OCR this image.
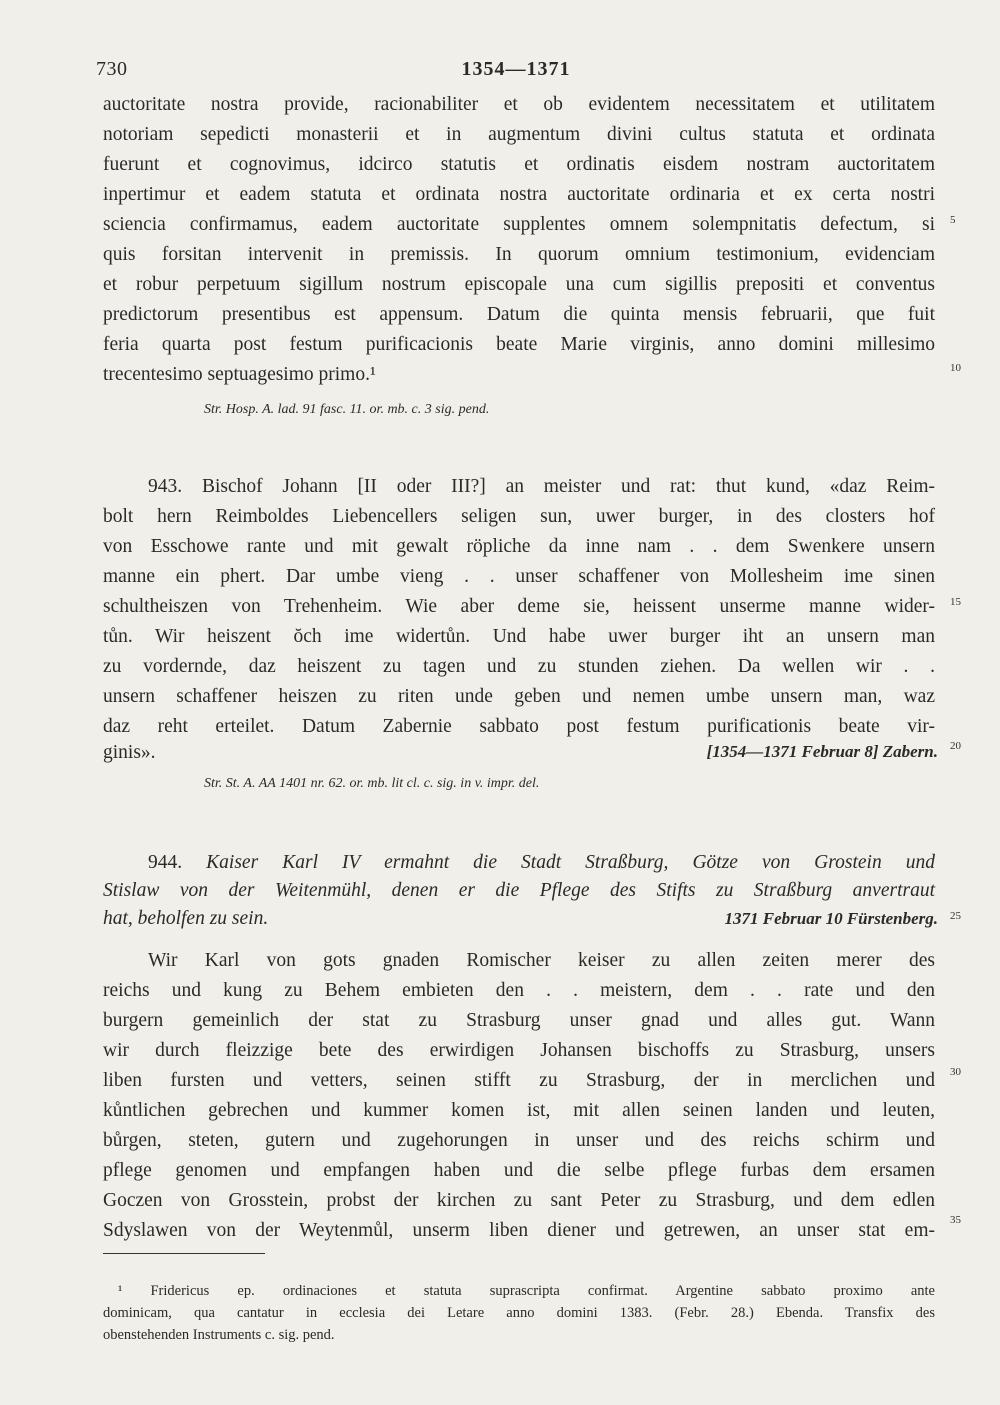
730	1354—1371
auctoritate nostra provide, racionabiliter et ob evidentem necessitatem et utilitatem
notoriam sepedicti monasterii et in augmentum divini cultus statuta et ordinata
fuerunt et cognovimus, idcirco statutis et ordinatis eisdem nostram auctoritatem
inpertimur et eadem statuta et ordinata nostra auctoritate ordinaria et ex certa nostri
sciencia confirmamus, eadem auctoritate supplentes omnem solempnitatis defectum, si
quis forsitan intervenit in premissis. In quorum omnium testimonium, evidenciam
et robur perpetuum sigillum nostrum episcopale una cum sigillis prepositi et conventus
predictorum presentibus est appensum. Datum die quinta mensis februarii, que fuit
feria quarta post festum purificacionis beate Marie virginis, anno domini millesimo
trecentesimo septuagesimo primo.¹
Str. Hosp. A. lad. 91 fasc. 11. or. mb. c. 3 sig. pend.
943. Bischof Johann [II oder III?] an meister und rat: thut kund, «daz Reim-
bolt hern Reimboldes Liebencellers seligen sun, uwer burger, in des closters hof
von Esschowe rante und mit gewalt röpliche da inne nam . . dem Swenkere unsern
manne ein phert. Dar umbe vieng . . unser schaffener von Mollesheim ime sinen
schultheiszen von Trehenheim. Wie aber deme sie, heissent unserme manne wider-
tůn. Wir heiszent ŏch ime widertůn. Und habe uwer burger iht an unsern man
zu vordernde, daz heiszent zu tagen und zu stunden ziehen. Da wellen wir . .
unsern schaffener heiszen zu riten unde geben und nemen umbe unsern man, waz
daz reht erteilet. Datum Zabernie sabbato post festum purificationis beate vir-
ginis».	[1354—1371 Februar 8] Zabern.
Str. St. A. AA 1401 nr. 62. or. mb. lit cl. c. sig. in v. impr. del.
944. Kaiser Karl IV ermahnt die Stadt Straßburg, Götze von Grostein und
Stislaw von der Weitenmühl, denen er die Pflege des Stifts zu Straßburg anvertraut
hat, beholfen zu sein.	1371 Februar 10 Fürstenberg.
Wir Karl von gots gnaden Romischer keiser zu allen zeiten merer des
reichs und kung zu Behem embieten den . . meistern, dem . . rate und den
burgern gemeinlich der stat zu Strasburg unser gnad und alles gut. Wann
wir durch fleizzige bete des erwirdigen Johansen bischoffs zu Strasburg, unsers
liben fursten und vetters, seinen stifft zu Strasburg, der in merclichen und
kůntlichen gebrechen und kummer komen ist, mit allen seinen landen und leuten,
bůrgen, steten, gutern und zugehorungen in unser und des reichs schirm und
pflege genomen und empfangen haben und die selbe pflege furbas dem ersamen
Goczen von Grosstein, probst der kirchen zu sant Peter zu Strasburg, und dem edlen
Sdyslawen von der Weytenmůl, unserm liben diener und getrewen, an unser stat em-
5
10
15
20
25
30
35
¹ Fridericus ep. ordinaciones et statuta suprascripta confirmat. Argentine sabbato proximo ante
dominicam, qua cantatur in ecclesia dei Letare anno domini 1383. (Febr. 28.) Ebenda. Transfix des
obenstehenden Instruments c. sig. pend.
